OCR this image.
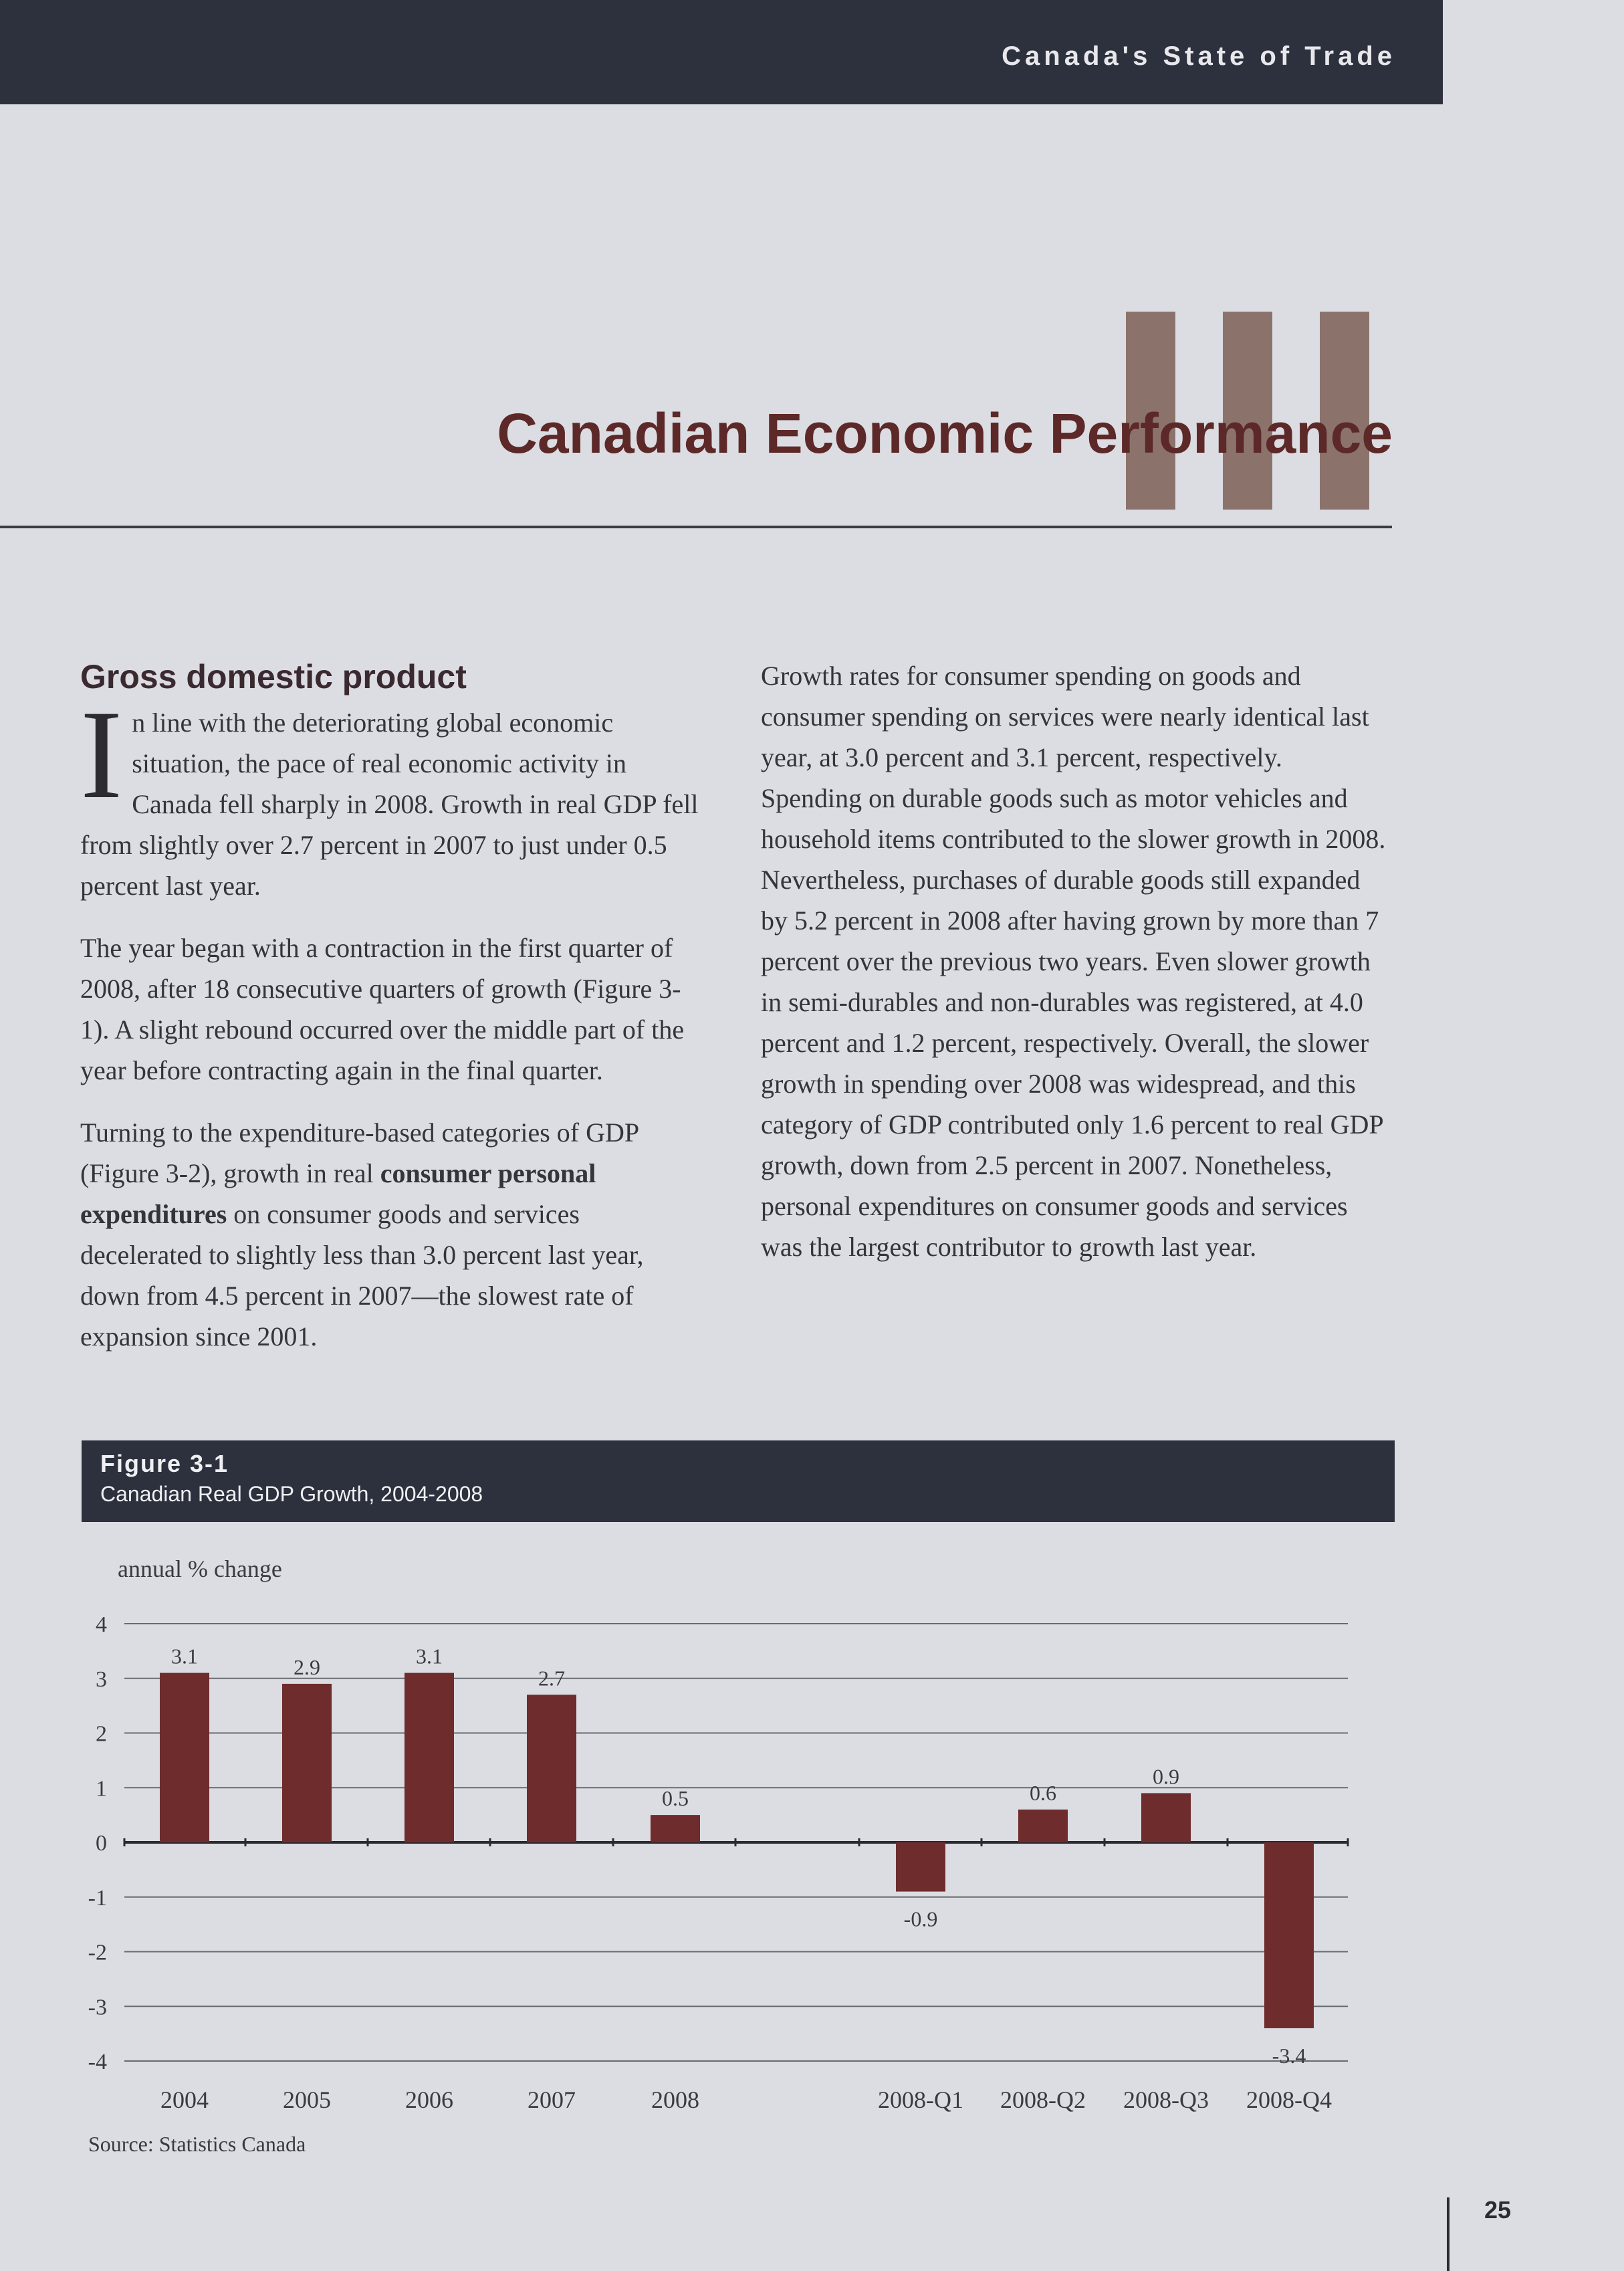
Canada's State of Trade
Canadian Economic Performance
Gross domestic product

In line with the deteriorating global economic situation, the pace of real economic activity in Canada fell sharply in 2008. Growth in real GDP fell from slightly over 2.7 percent in 2007 to just under 0.5 percent last year.

The year began with a contraction in the first quarter of 2008, after 18 consecutive quarters of growth (Figure 3-1). A slight rebound occurred over the middle part of the year before contracting again in the final quarter.

Turning to the expenditure-based categories of GDP (Figure 3-2), growth in real consumer personal expenditures on consumer goods and services decelerated to slightly less than 3.0 percent last year, down from 4.5 percent in 2007—the slowest rate of expansion since 2001.

Growth rates for consumer spending on goods and consumer spending on services were nearly identical last year, at 3.0 percent and 3.1 percent, respectively. Spending on durable goods such as motor vehicles and household items contributed to the slower growth in 2008. Nevertheless, purchases of durable goods still expanded by 5.2 percent in 2008 after having grown by more than 7 percent over the previous two years. Even slower growth in semi-durables and non-durables was registered, at 4.0 percent and 1.2 percent, respectively. Overall, the slower growth in spending over 2008 was widespread, and this category of GDP contributed only 1.6 percent to real GDP growth, down from 2.5 percent in 2007. Nonetheless, personal expenditures on consumer goods and services was the largest contributor to growth last year.

Figure 3-1
Canadian Real GDP Growth, 2004-2008
annual % change
4
3
2
1
0
-1
-2
-3
-4
3.1
2004
2.9
2005
3.1
2006
2.7
2007
0.5
2008
-0.9
2008-Q1
0.6
2008-Q2
0.9
2008-Q3
-3.4
2008-Q4
Source: Statistics Canada
25
